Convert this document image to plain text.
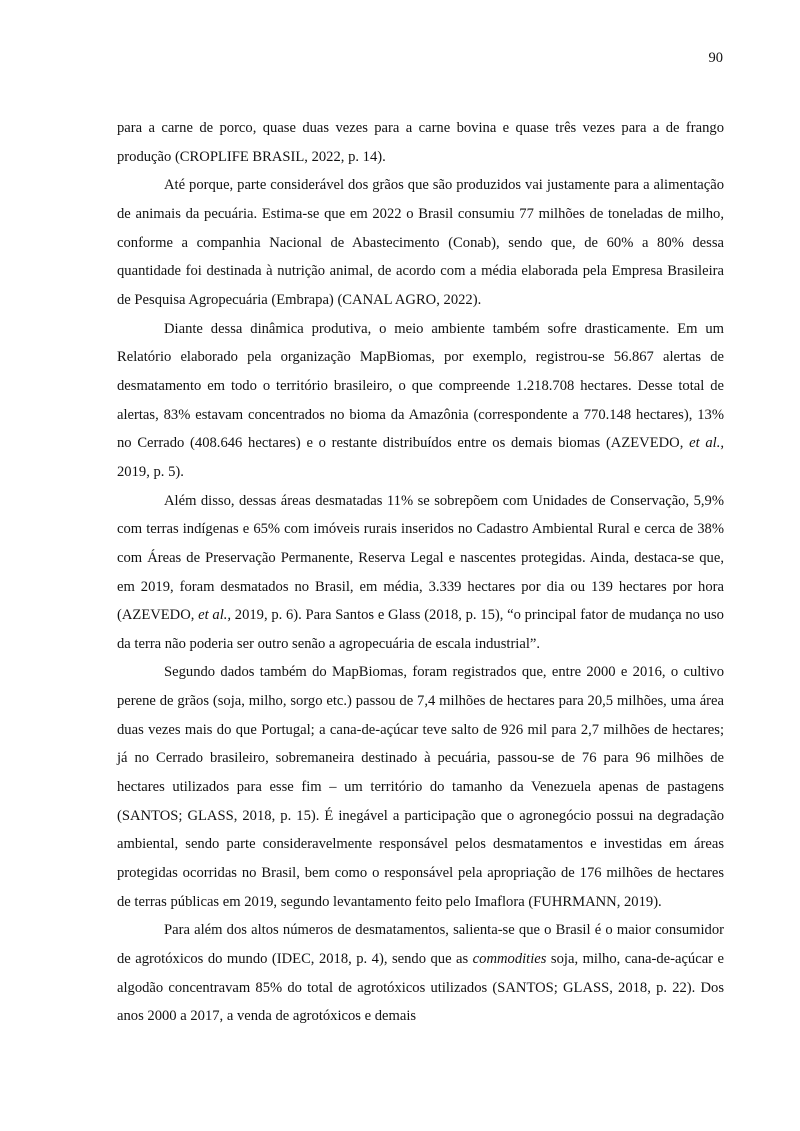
90

para a carne de porco, quase duas vezes para a carne bovina e quase três vezes para a de frango produção (CROPLIFE BRASIL, 2022, p. 14).

Até porque, parte considerável dos grãos que são produzidos vai justamente para a alimentação de animais da pecuária. Estima-se que em 2022 o Brasil consumiu 77 milhões de toneladas de milho, conforme a companhia Nacional de Abastecimento (Conab), sendo que, de 60% a 80% dessa quantidade foi destinada à nutrição animal, de acordo com a média elaborada pela Empresa Brasileira de Pesquisa Agropecuária (Embrapa) (CANAL AGRO, 2022).

Diante dessa dinâmica produtiva, o meio ambiente também sofre drasticamente. Em um Relatório elaborado pela organização MapBiomas, por exemplo, registrou-se 56.867 alertas de desmatamento em todo o território brasileiro, o que compreende 1.218.708 hectares. Desse total de alertas, 83% estavam concentrados no bioma da Amazônia (correspondente a 770.148 hectares), 13% no Cerrado (408.646 hectares) e o restante distribuídos entre os demais biomas (AZEVEDO, et al., 2019, p. 5).

Além disso, dessas áreas desmatadas 11% se sobrepõem com Unidades de Conservação, 5,9% com terras indígenas e 65% com imóveis rurais inseridos no Cadastro Ambiental Rural e cerca de 38% com Áreas de Preservação Permanente, Reserva Legal e nascentes protegidas. Ainda, destaca-se que, em 2019, foram desmatados no Brasil, em média, 3.339 hectares por dia ou 139 hectares por hora (AZEVEDO, et al., 2019, p. 6). Para Santos e Glass (2018, p. 15), “o principal fator de mudança no uso da terra não poderia ser outro senão a agropecuária de escala industrial”.

Segundo dados também do MapBiomas, foram registrados que, entre 2000 e 2016, o cultivo perene de grãos (soja, milho, sorgo etc.) passou de 7,4 milhões de hectares para 20,5 milhões, uma área duas vezes mais do que Portugal; a cana-de-açúcar teve salto de 926 mil para 2,7 milhões de hectares; já no Cerrado brasileiro, sobremaneira destinado à pecuária, passou-se de 76 para 96 milhões de hectares utilizados para esse fim – um território do tamanho da Venezuela apenas de pastagens (SANTOS; GLASS, 2018, p. 15). É inegável a participação que o agronegócio possui na degradação ambiental, sendo parte consideravelmente responsável pelos desmatamentos e investidas em áreas protegidas ocorridas no Brasil, bem como o responsável pela apropriação de 176 milhões de hectares de terras públicas em 2019, segundo levantamento feito pelo Imaflora (FUHRMANN, 2019).

Para além dos altos números de desmatamentos, salienta-se que o Brasil é o maior consumidor de agrotóxicos do mundo (IDEC, 2018, p. 4), sendo que as commodities soja, milho, cana-de-açúcar e algodão concentravam 85% do total de agrotóxicos utilizados (SANTOS; GLASS, 2018, p. 22). Dos anos 2000 a 2017, a venda de agrotóxicos e demais
